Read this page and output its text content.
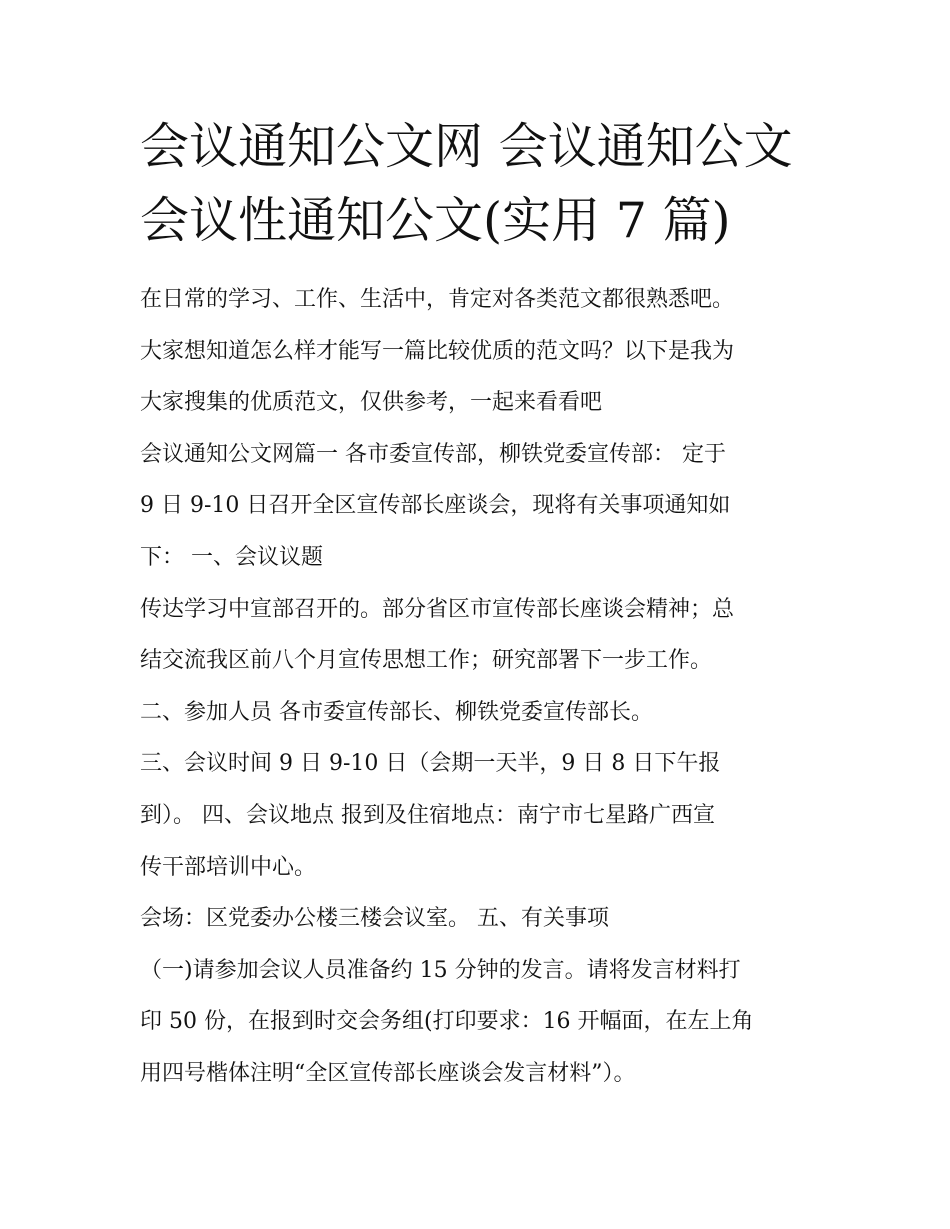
会议通知公文网 会议通知公文
会议性通知公文(实用 7 篇)
在日常的学习、工作、生活中，肯定对各类范文都很熟悉吧。
大家想知道怎么样才能写一篇比较优质的范文吗？以下是我为
大家搜集的优质范文，仅供参考，一起来看看吧
会议通知公文网篇一 各市委宣传部，柳铁党委宣传部： 定于
9 日 9-10 日召开全区宣传部长座谈会，现将有关事项通知如
下： 一、会议议题
传达学习中宣部召开的。部分省区市宣传部长座谈会精神；总
结交流我区前八个月宣传思想工作；研究部署下一步工作。
二、参加人员 各市委宣传部长、柳铁党委宣传部长。
三、会议时间 9 日 9-10 日（会期一天半，9 日 8 日下午报
到）。 四、会议地点 报到及住宿地点：南宁市七星路广西宣
传干部培训中心。
会场：区党委办公楼三楼会议室。 五、有关事项
（一)请参加会议人员准备约 15 分钟的发言。请将发言材料打
印 50 份，在报到时交会务组(打印要求：16 开幅面，在左上角
用四号楷体注明“全区宣传部长座谈会发言材料”）。
